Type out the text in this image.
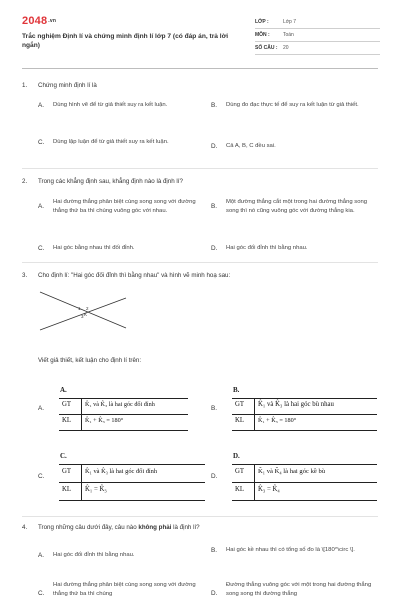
2048.vn
Trắc nghiệm Định lí và chứng minh định lí lớp 7 (có đáp án, trả lời ngắn)
LỚP :	Lớp 7
MÔN :	Toán
SỐ CÂU :	20
1. Chứng minh định lí là
A.	Dùng hình vẽ để từ giả thiết suy ra kết luận.	B.	Dùng đo đạc thực tế để suy ra kết luận từ giả thiết.
C.	Dùng lập luận để từ giả thiết suy ra kết luận.
D.	Cả A, B, C đều sai.
2. Trong các khẳng định sau, khẳng định nào là định lí?
A.
Hai đường thẳng phân biệt cùng song song với đường thẳng thứ ba thì chúng vuông góc với nhau.
B.
Một đường thẳng cắt một trong hai đường thẳng song song thì nó cũng vuông góc với đường thẳng kia.
C.	Hai góc bằng nhau thì đối đỉnh.	D.	Hai góc đối đỉnh thì bằng nhau.
3. Cho định lí: "Hai góc đối đỉnh thì bằng nhau" và hình vẽ minh hoạ sau:
1 2
3 K
Viết giả thiết, kết luận cho định lí trên:
A.
A.
GT K̂₁ và K̂₃ là hai góc đối đỉnh
KL K̂₁ + K̂₃ = 180°
B.
B.
GT K̂₁ và K̂₃ là hai góc bù nhau
KL K̂₁ + K̂₃ = 180°
C.
C.
GT K̂₁ và K̂₃ là hai góc đối đỉnh
KL K̂₁ = K̂₃
D.
D.
GT K̂₁ và K̂₄ là hai góc kề bù
KL K̂₃ = K̂₄
4. Trong những câu dưới đây, câu nào không phải là định lí?
A.	Hai góc đối đỉnh thì bằng nhau.
B.	Hai góc kề nhau thì có tổng số đo là \[180^\circ \].
C.
Hai đường thẳng phân biệt cùng song song với đường thẳng thứ ba thì chúng	D.
Đường thẳng vuông góc với một trong hai đường thẳng song song thì đường thẳng
